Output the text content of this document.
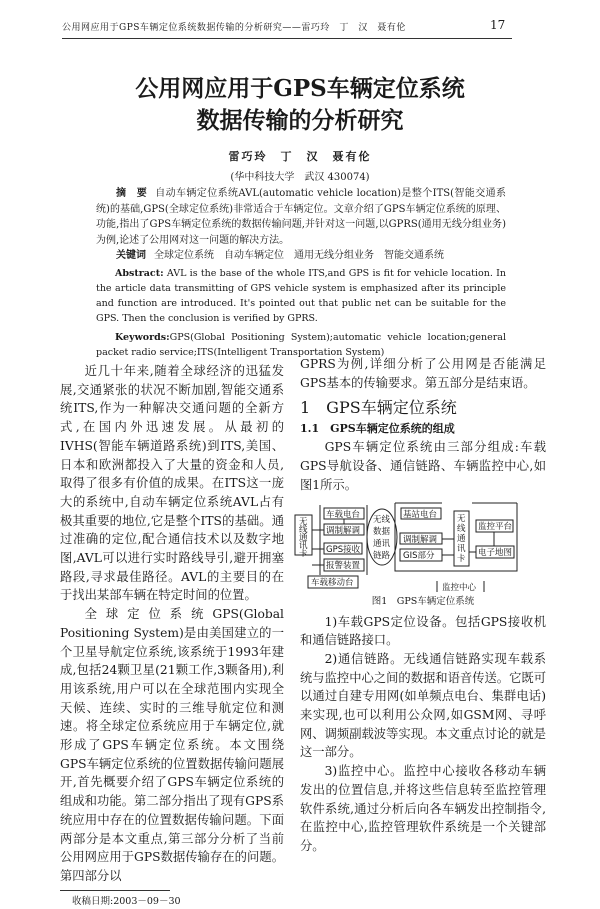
公用网应用于GPS车辆定位系统数据传输的分析研究——雷巧玲　丁　汉　聂有伦	17
公用网应用于GPS车辆定位系统
数据传输的分析研究
雷巧玲　丁　汉　聂有伦
(华中科技大学　武汉 430074)
摘　要 自动车辆定位系统AVL(automatic vehicle location)是整个ITS(智能交通系统)的基础,GPS(全球定位系统)非常适合于车辆定位。文章介绍了GPS车辆定位系统的原理、功能,指出了GPS车辆定位系统的数据传输问题,并针对这一问题,以GPRS(通用无线分组业务)为例,论述了公用网对这一问题的解决方法。
关键词 全球定位系统　自动车辆定位　通用无线分组业务　智能交通系统
Abstract: AVL is the base of the whole ITS,and GPS is fit for vehicle location. In the article data transmitting of GPS vehicle system is emphasized after its principle and function are introduced. It's pointed out that public net can be suitable for the GPS. Then the conclusion is verified by GPRS.
Keywords:GPS(Global Positioning System);automatic vehicle location;general packet radio service;ITS(Intelligent Transportation System)

近几十年来,随着全球经济的迅猛发展,交通紧张的状况不断加剧,智能交通系统ITS,作为一种解决交通问题的全新方式,在国内外迅速发展。从最初的IVHS(智能车辆道路系统)到ITS,美国、日本和欧洲都投入了大量的资金和人员,取得了很多有价值的成果。在ITS这一庞大的系统中,自动车辆定位系统AVL占有极其重要的地位,它是整个ITS的基础。通过准确的定位,配合通信技术以及数字地图,AVL可以进行实时路线导引,避开拥塞路段,寻求最佳路径。AVL的主要目的在于找出某部车辆在特定时间的位置。

全球定位系统GPS(Global Positioning System)是由美国建立的一个卫星导航定位系统,该系统于1993年建成,包括24颗卫星(21颗工作,3颗备用),利用该系统,用户可以在全球范围内实现全天候、连续、实时的三维导航定位和测速。将全球定位系统应用于车辆定位,就形成了GPS车辆定位系统。本文围绕GPS车辆定位系统的位置数据传输问题展开,首先概要介绍了GPS车辆定位系统的组成和功能。第二部分指出了现有GPS系统应用中存在的位置数据传输问题。下面两部分是本文重点,第三部分分析了当前公用网应用于GPS数据传输存在的问题。第四部分以

收稿日期:2003－09－30

GPRS为例,详细分析了公用网是否能满足GPS基本的传输要求。第五部分是结束语。

1　GPS车辆定位系统
1.1　GPS车辆定位系统的组成

GPS车辆定位系统由三部分组成:车载GPS导航设备、通信链路、车辆监控中心,如图1所示。

无
线
通
讯
卡
车载电台
调制解调
GPS接收
报警装置
车载移动台
无线
数据
通讯
链路
基站电台
调制解调
GIS部分
无
线
通
讯
卡
监控平台
电子地图
监控中心
图1　GPS车辆定位系统

1)车载GPS定位设备。包括GPS接收机和通信链路接口。

2)通信链路。无线通信链路实现车载系统与监控中心之间的数据和语音传送。它既可以通过自建专用网(如单频点电台、集群电话)来实现,也可以利用公众网,如GSM网、寻呼网、调频副载波等实现。本文重点讨论的就是这一部分。

3)监控中心。监控中心接收各移动车辆发出的位置信息,并将这些信息转至监控管理软件系统,通过分析后向各车辆发出控制指令,在监控中心,监控管理软件系统是一个关键部分。
